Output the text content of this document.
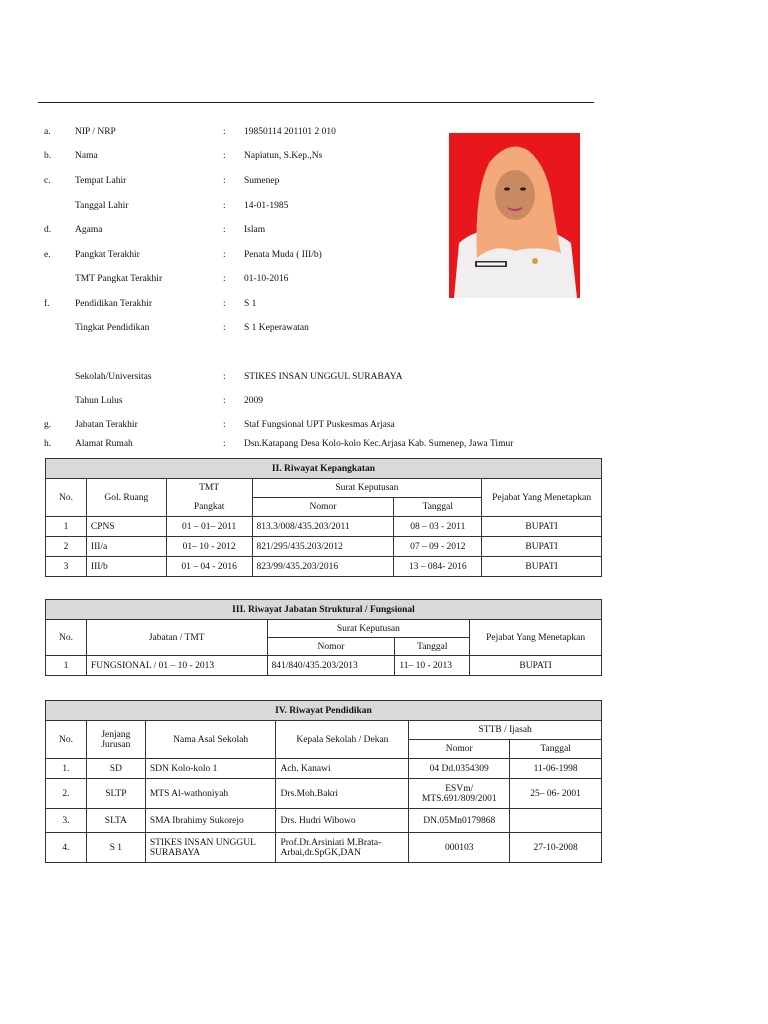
a.	NIP / NRP	: 19850114 201101 2 010
b.	Nama	: Napiatun, S.Kep.,Ns
c.	Tempat Lahir	: Sumenep
Tanggal Lahir	: 14-01-1985
d.	Agama	: Islam
e.	Pangkat Terakhir	: Penata Muda ( III/b)
TMT Pangkat Terakhir	: 01-10-2016
f.	Pendidikan Terakhir	: S 1
Tingkat Pendidikan	: S 1 Keperawatan
Sekolah/Universitas	: STIKES INSAN UNGGUL SURABAYA
Tahun Lulus	: 2009
g.	Jabatan Terakhir	: Staf Fungsional UPT Puskesmas Arjasa
h.	Alamat Rumah	: Dsn.Katapang Desa Kolo-kolo Kec.Arjasa Kab. Sumenep, Jawa Timur
II. Riwayat Kepangkatan					
No.	Gol. Ruang	TMT	Surat Keputusan		Pejabat Yang Menetapkan
		Pangkat	Nomor	Tanggal	
1	CPNS	01 – 01– 2011	813.3/008/435.203/2011	08 – 03 - 2011	BUPATI
2	III/a	01– 10 - 2012	821/295/435.203/2012	07 – 09 - 2012	BUPATI
3	III/b	01 – 04 - 2016	823/99/435.203/2016	13 – 084- 2016	BUPATI
III. Riwayat Jabatan Struktural / Fungsional				
No.	Jabatan / TMT	Surat Keputusan		Pejabat Yang Menetapkan
		Nomor	Tanggal	
1	FUNGSIONAL / 01 – 10 - 2013	841/840/435.203/2013	11– 10 - 2013	BUPATI
IV. Riwayat Pendidikan					
No.	Jenjang Jurusan	Nama Asal Sekolah	Kepala Sekolah / Dekan	STTB / Ijasah	
				Nomor	Tanggal
1.	SD	SDN Kolo-kolo 1	Ach. Kanawi	04 Dd.0354309	11-06-1998
2.	SLTP	MTS Al-wathoniyah	Drs.Moh.Bakri	ESVm/ MTS.691/809/2001	25– 06- 2001
3.	SLTA	SMA Ibrahimy Sukorejo	Drs. Hudri Wibowo	DN.05Mn0179868	
4.	S 1	STIKES INSAN UNGGUL SURABAYA	Prof.Dr.Arsiniati M.Brata-Arbai,dr.SpGK,DAN	000103	27-10-2008
